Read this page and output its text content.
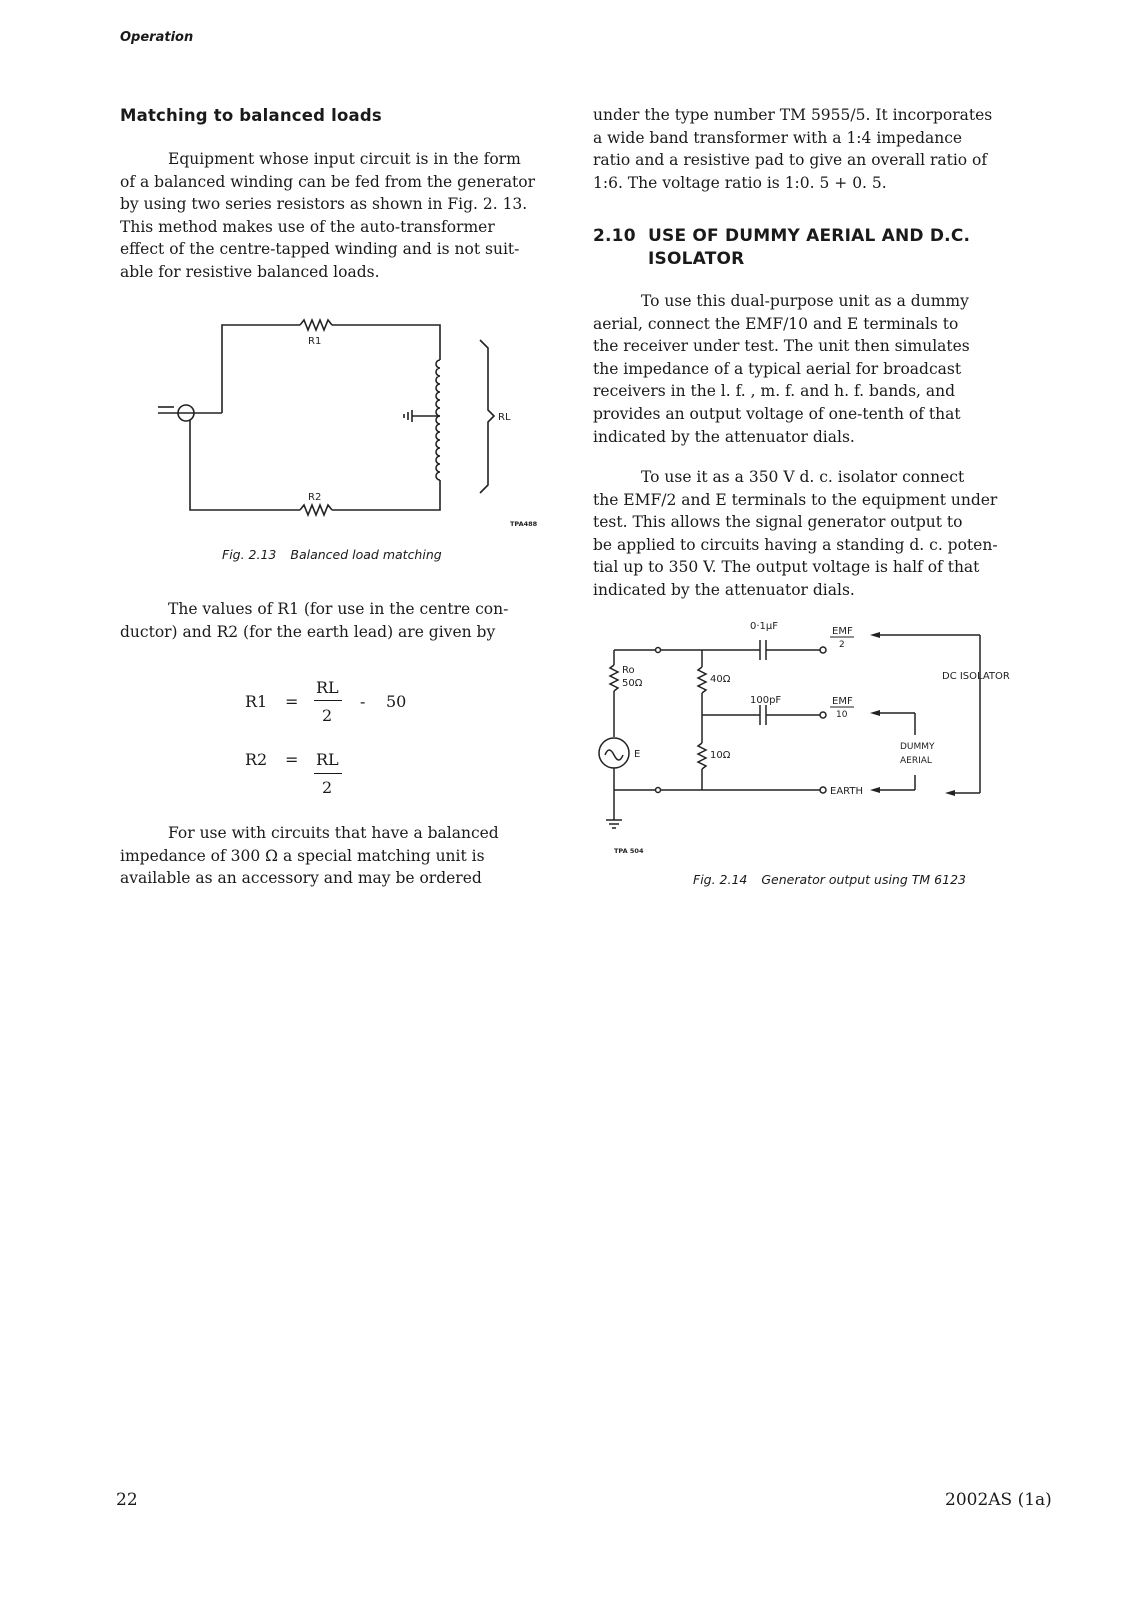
Operation
Matching to balanced loads
Equipment whose input circuit is in the form
of a balanced winding can be fed from the generator
by using two series resistors as shown in Fig. 2. 13.
This method makes use of the auto-transformer
effect of the centre-tapped winding and is not suit-
able for resistive balanced loads.
R1
R2
RL
TPA488
Fig. 2.13 Balanced load matching
The values of R1 (for use in the centre con-
ductor) and R2 (for the earth lead) are given by
R1 =
RL
2
- 50
R2 = RL
2
For use with circuits that have a balanced
impedance of 300 Ω a special matching unit is
available as an accessory and may be ordered
under the type number TM 5955/5. It incorporates
a wide band transformer with a 1:4 impedance
ratio and a resistive pad to give an overall ratio of
1:6. The voltage ratio is 1:0. 5 + 0. 5.
2.10 USE OF DUMMY AERIAL AND D.C.
ISOLATOR
To use this dual-purpose unit as a dummy
aerial, connect the EMF/10 and E terminals to
the receiver under test. The unit then simulates
the impedance of a typical aerial for broadcast
receivers in the l. f. , m. f. and h. f. bands, and
provides an output voltage of one-tenth of that
indicated by the attenuator dials.
To use it as a 350 V d. c. isolator connect
the EMF/2 and E terminals to the equipment under
test. This allows the signal generator output to
be applied to circuits having a standing d. c. poten-
tial up to 350 V. The output voltage is half of that
indicated by the attenuator dials.
0·1µF
100pF
EMF
2
EMF
10
EARTH
Ro
50Ω	40Ω
10Ω
E
DC ISOLATOR
DUMMY
AERIAL
TPA 504
Fig. 2.14 Generator output using TM 6123
22	2002AS (1a)
